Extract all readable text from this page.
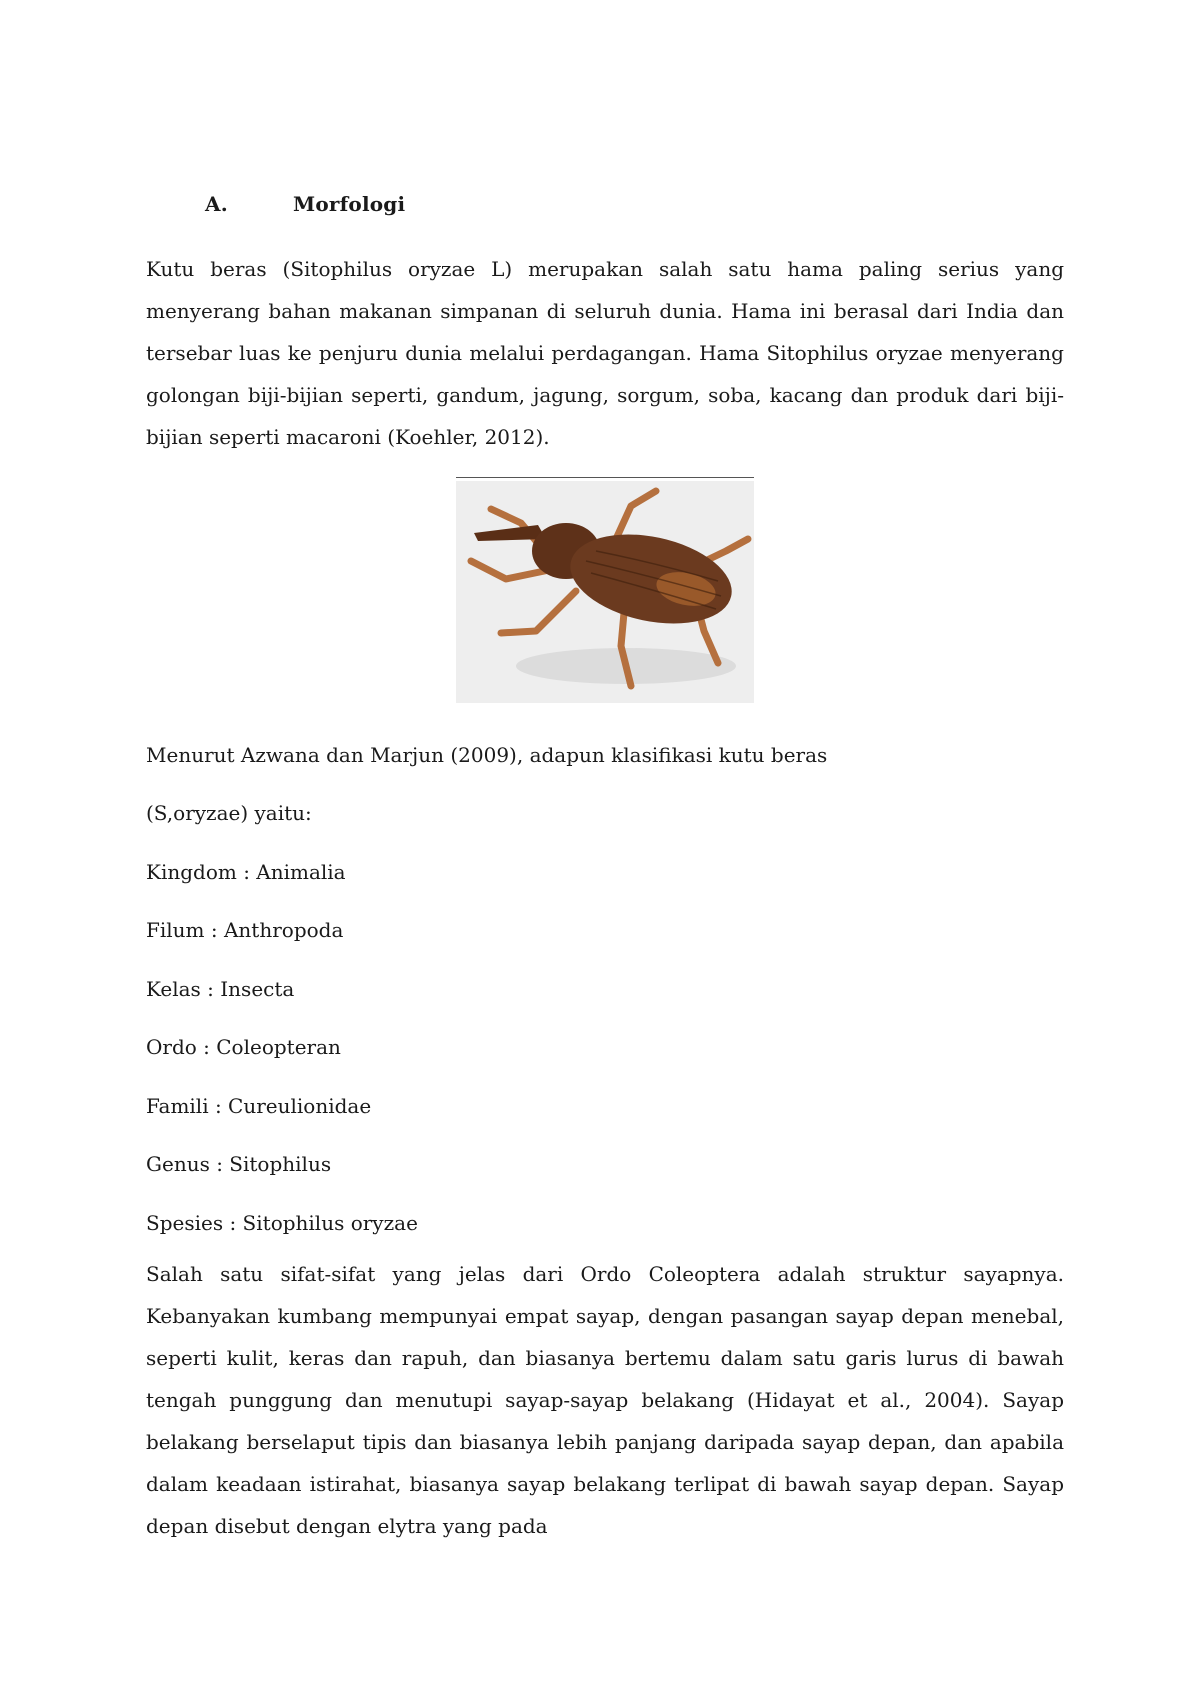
A.	Morfologi

Kutu beras (Sitophilus oryzae L) merupakan salah satu hama paling serius yang menyerang bahan makanan simpanan di seluruh dunia. Hama ini berasal dari India dan tersebar luas ke penjuru dunia melalui perdagangan. Hama Sitophilus oryzae menyerang golongan biji-bijian seperti, gandum, jagung, sorgum, soba, kacang dan produk dari biji-bijian seperti macaroni (Koehler, 2012).

Menurut Azwana dan Marjun (2009), adapun klasifikasi kutu beras

(S,oryzae) yaitu:

Kingdom : Animalia

Filum : Anthropoda

Kelas : Insecta

Ordo : Coleopteran

Famili : Cureulionidae

Genus : Sitophilus

Spesies : Sitophilus oryzae

Salah satu sifat-sifat yang jelas dari Ordo Coleoptera adalah struktur sayapnya. Kebanyakan kumbang mempunyai empat sayap, dengan pasangan sayap depan menebal, seperti kulit, keras dan rapuh, dan biasanya bertemu dalam satu garis lurus di bawah tengah punggung dan menutupi sayap-sayap belakang (Hidayat et al., 2004). Sayap belakang berselaput tipis dan biasanya lebih panjang daripada sayap depan, dan apabila dalam keadaan istirahat, biasanya sayap belakang terlipat di bawah sayap depan. Sayap depan disebut dengan elytra yang pada
